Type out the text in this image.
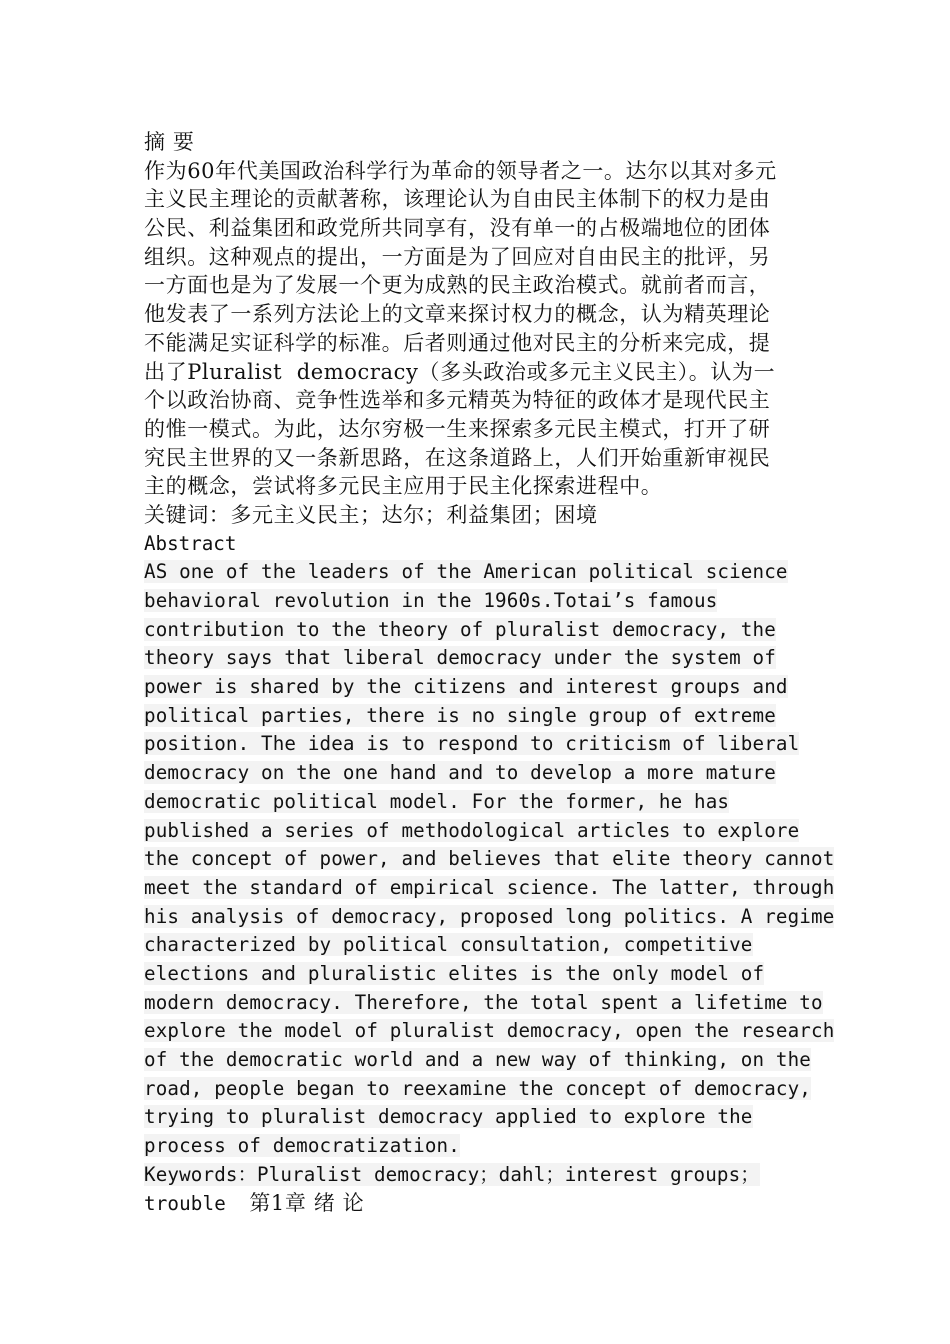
摘 要
作为60年代美国政治科学行为革命的领导者之一。达尔以其对多元
主义民主理论的贡献著称，该理论认为自由民主体制下的权力是由
公民、利益集团和政党所共同享有，没有单一的占极端地位的团体
组织。这种观点的提出，一方面是为了回应对自由民主的批评，另
一方面也是为了发展一个更为成熟的民主政治模式。就前者而言，
他发表了一系列方法论上的文章来探讨权力的概念，认为精英理论
不能满足实证科学的标准。后者则通过他对民主的分析来完成，提
出了Pluralist  democracy（多头政治或多元主义民主）。认为一
个以政治协商、竞争性选举和多元精英为特征的政体才是现代民主
的惟一模式。为此，达尔穷极一生来探索多元民主模式，打开了研
究民主世界的又一条新思路，在这条道路上，人们开始重新审视民
主的概念，尝试将多元民主应用于民主化探索进程中。
关键词：多元主义民主；达尔；利益集团；困境
Abstract
AS one of the leaders of the American political science
behavioral revolution in the 1960s.Totai’s famous
contribution to the theory of pluralist democracy, the
theory says that liberal democracy under the system of
power is shared by the citizens and interest groups and
political parties, there is no single group of extreme
position. The idea is to respond to criticism of liberal
democracy on the one hand and to develop a more mature
democratic political model. For the former, he has
published a series of methodological articles to explore
the concept of power, and believes that elite theory cannot
meet the standard of empirical science. The latter, through
his analysis of democracy, proposed long politics. A regime
characterized by political consultation, competitive
elections and pluralistic elites is the only model of
modern democracy. Therefore, the total spent a lifetime to
explore the model of pluralist democracy, open the research
of the democratic world and a new way of thinking, on the
road, people began to reexamine the concept of democracy,
trying to pluralist democracy applied to explore the
process of democratization.
Keywords：Pluralist democracy；dahl；interest groups；
trouble  第1章 绪 论
